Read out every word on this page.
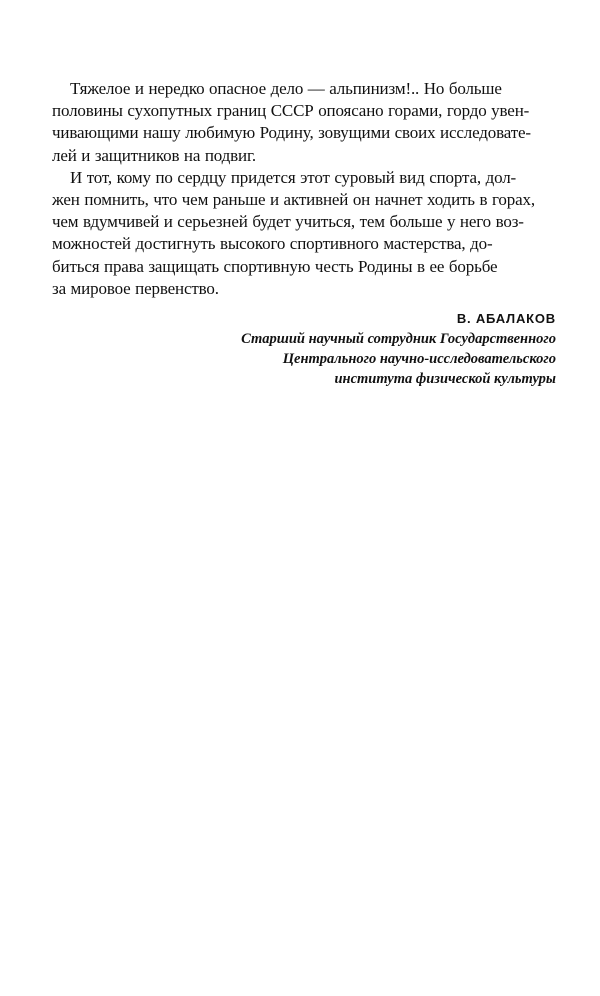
Тяжелое и нередко опасное дело — альпинизм!.. Но больше
половины сухопутных границ СССР опоясано горами, гордо увен-
чивающими нашу любимую Родину, зовущими своих исследовате-
лей и защитников на подвиг.

И тот, кому по сердцу придется этот суровый вид спорта, дол-
жен помнить, что чем раньше и активней он начнет ходить в горах,
чем вдумчивей и серьезней будет учиться, тем больше у него воз-
можностей достигнуть высокого спортивного мастерства, до-
биться права защищать спортивную честь Родины в ее борьбе
за мировое первенство.

В. АБАЛАКОВ
Старший научный сотрудник Государственного
Центрального научно-исследовательского
института физической культуры
